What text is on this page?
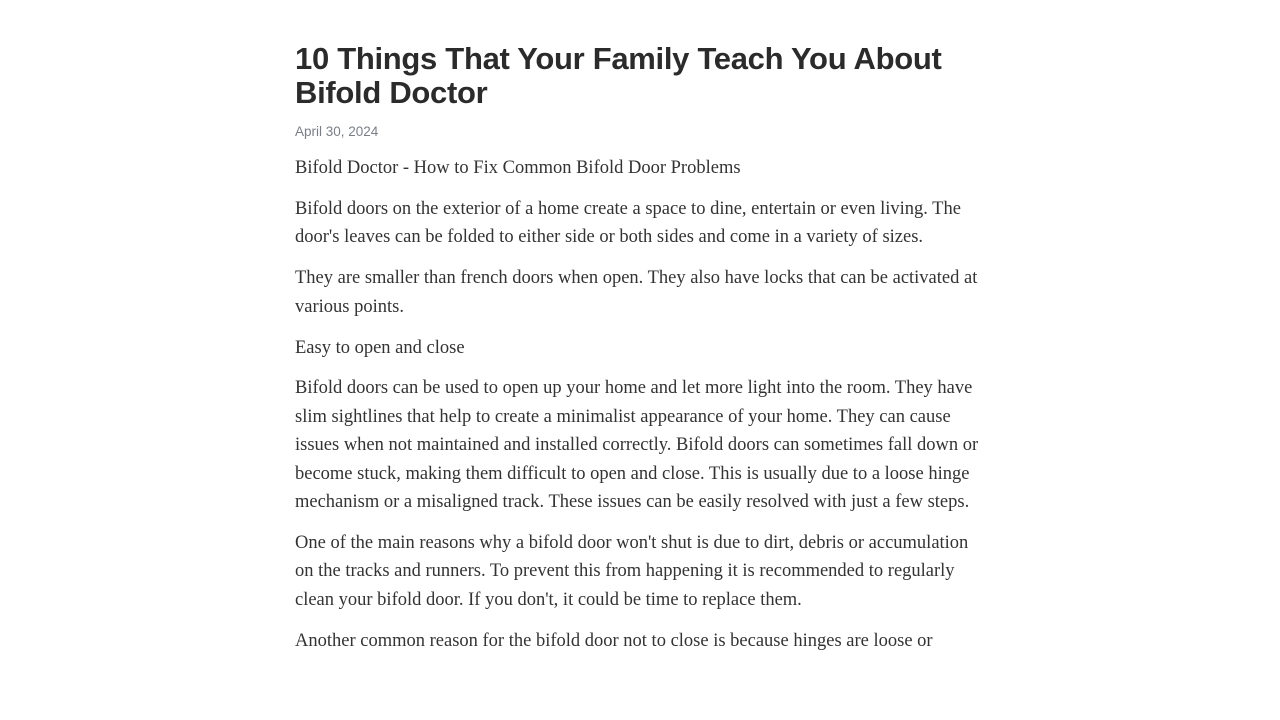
10 Things That Your Family Teach You About Bifold Doctor
April 30, 2024

Bifold Doctor - How to Fix Common Bifold Door Problems

Bifold doors on the exterior of a home create a space to dine, entertain or even living. The door's leaves can be folded to either side or both sides and come in a variety of sizes.

They are smaller than french doors when open. They also have locks that can be activated at various points.

Easy to open and close

Bifold doors can be used to open up your home and let more light into the room. They have slim sightlines that help to create a minimalist appearance of your home. They can cause issues when not maintained and installed correctly. Bifold doors can sometimes fall down or become stuck, making them difficult to open and close. This is usually due to a loose hinge mechanism or a misaligned track. These issues can be easily resolved with just a few steps.

One of the main reasons why a bifold door won't shut is due to dirt, debris or accumulation on the tracks and runners. To prevent this from happening it is recommended to regularly clean your bifold door. If you don't, it could be time to replace them.

Another common reason for the bifold door not to close is because hinges are loose or
